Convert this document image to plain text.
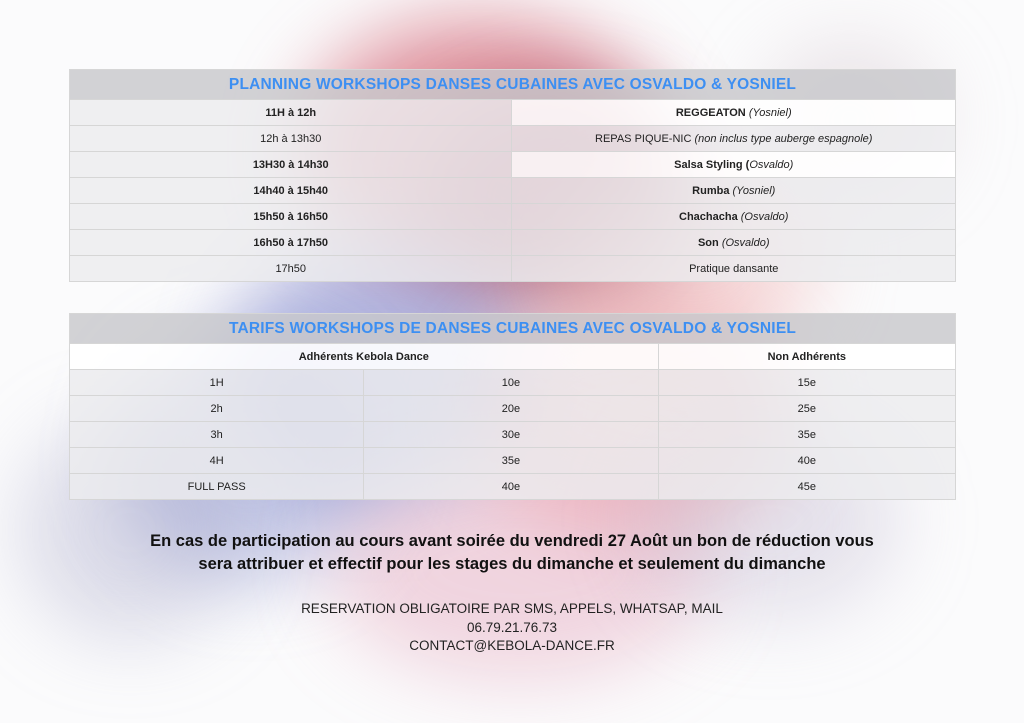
PLANNING WORKSHOPS DANSES CUBAINES AVEC OSVALDO & YOSNIEL	
11H à 12h	REGGEATON (Yosniel)
12h à 13h30	REPAS PIQUE-NIC (non inclus type auberge espagnole)
13H30 à 14h30	Salsa Styling (Osvaldo)
14h40 à 15h40	Rumba (Yosniel)
15h50 à 16h50	Chachacha (Osvaldo)
16h50 à 17h50	Son (Osvaldo)
17h50	Pratique dansante
TARIFS WORKSHOPS DE DANSES CUBAINES AVEC OSVALDO & YOSNIEL		
Adhérents Kebola Dance		Non Adhérents
1H	10e	15e
2h	20e	25e
3h	30e	35e
4H	35e	40e
FULL PASS	40e	45e
En cas de participation au cours avant soirée du vendredi 27 Août un bon de réduction vous
sera attribuer et effectif pour les stages du dimanche et seulement du dimanche
RESERVATION OBLIGATOIRE PAR SMS, APPELS, WHATSAP, MAIL
06.79.21.76.73
CONTACT@KEBOLA-DANCE.FR
